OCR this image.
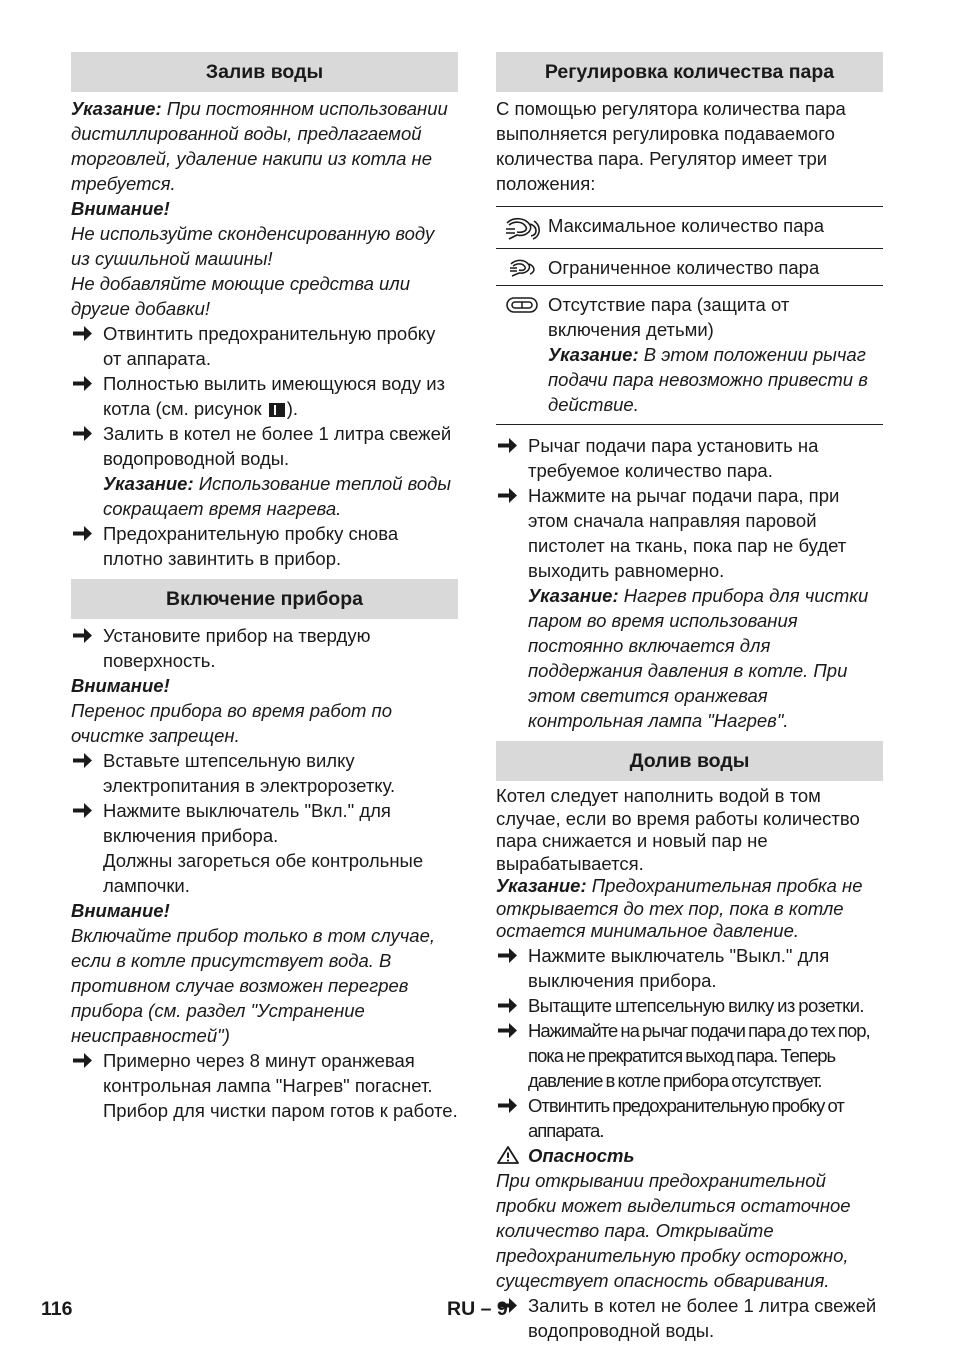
Залив воды
Указание: При постоянном использовании дистиллированной воды, предлагаемой торговлей, удаление накипи из котла не требуется.
Внимание!
Не используйте сконденсированную воду из сушильной машины!
Не добавляйте моющие средства или другие добавки!
Отвинтить предохранительную пробку от аппарата.
Полностью вылить имеющуюся воду из котла (см. рисунок ).
Залить в котел не более 1 литра свежей водопроводной воды.
Указание: Использование теплой воды сокращает время нагрева.
Предохранительную пробку снова плотно завинтить в прибор.
Включение прибора
Установите прибор на твердую поверхность.
Внимание!
Перенос прибора во время работ по очистке запрещен.
Вставьте штепсельную вилку электропитания в электророзетку.
Нажмите выключатель "Вкл." для включения прибора.
Должны загореться обе контрольные лампочки.
Внимание!
Включайте прибор только в том случае, если в котле присутствует вода. В противном случае возможен перегрев прибора (см. раздел "Устранение неисправностей")
Примерно через 8 минут оранжевая контрольная лампа "Нагрев" погаснет.
Прибор для чистки паром готов к работе.
Регулировка количества пара
С помощью регулятора количества пара выполняется регулировка подаваемого количества пара. Регулятор имеет три положения:
Максимальное количество пара
Ограниченное количество пара
Отсутствие пара (защита от включения детьми)
Указание: В этом положении рычаг подачи пара невозможно привести в действие.
Рычаг подачи пара установить на требуемое количество пара.
Нажмите на рычаг подачи пара, при этом сначала направляя паровой пистолет на ткань, пока пар не будет выходить равномерно.
Указание: Нагрев прибора для чистки паром во время использования постоянно включается для поддержания давления в котле. При этом светится оранжевая контрольная лампа "Нагрев".
Долив воды
Котел следует наполнить водой в том случае, если во время работы количество пара снижается и новый пар не вырабатывается.
Указание: Предохранительная пробка не открывается до тех пор, пока в котле остается минимальное давление.
Нажмите выключатель "Выкл." для выключения прибора.
Вытащите штепсельную вилку из розетки.
Нажимайте на рычаг подачи пара до тех пор, пока не прекратится выход пара. Теперь давление в котле прибора отсутствует.
Отвинтить предохранительную пробку от аппарата.
Опасность
При открывании предохранительной пробки может выделиться остаточное количество пара. Открывайте предохранительную пробку осторожно, существует опасность обваривания.
Залить в котел не более 1 литра свежей водопроводной воды.
116	RU – 9
